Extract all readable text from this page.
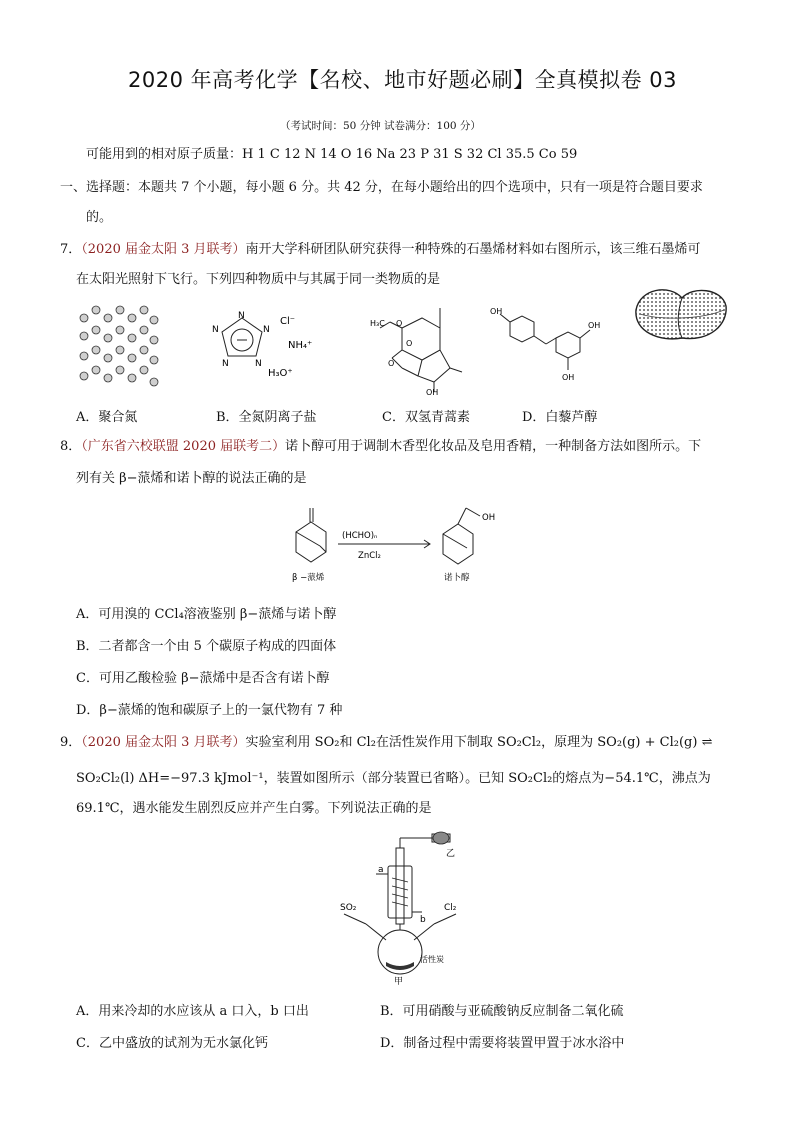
2020 年高考化学【名校、地市好题必刷】全真模拟卷 03
（考试时间：50 分钟 试卷满分：100 分）
可能用到的相对原子质量：H 1 C 12 N 14 O 16 Na 23 P 31 S 32 Cl 35.5 Co 59
一、选择题：本题共 7 个小题，每小题 6 分。共 42 分，在每小题给出的四个选项中，只有一项是符合题目要求
的。
7．（2020 届金太阳 3 月联考）南开大学科研团队研究获得一种特殊的石墨烯材料如右图所示，该三维石墨烯可
在太阳光照射下飞行。下列四种物质中与其属于同一类物质的是
N
N
N
N
N
Cl⁻
NH₄⁺
H₃O⁺
H₃C O
O
O
OH
OH
OH
OH
A．聚合氮	B．全氮阴离子盐	C．双氢青蒿素	D．白藜芦醇
8．（广东省六校联盟 2020 届联考二）诺卜醇可用于调制木香型化妆品及皂用香精，一种制备方法如图所示。下
列有关 β−蒎烯和诺卜醇的说法正确的是
(HCHO)ₙ
ZnCl₂
OH
β −蒎烯	诺卜醇
A．可用溴的 CCl₄溶液鉴别 β−蒎烯与诺卜醇
B．二者都含一个由 5 个碳原子构成的四面体
C．可用乙酸检验 β−蒎烯中是否含有诺卜醇
D．β−蒎烯的饱和碳原子上的一氯代物有 7 种
9．（2020 届金太阳 3 月联考）实验室利用 SO₂和 Cl₂在活性炭作用下制取 SO₂Cl₂，原理为 SO₂(g) + Cl₂(g) ⇌
SO₂Cl₂(l) ΔH=−97.3 kJmol⁻¹，装置如图所示（部分装置已省略）。已知 SO₂Cl₂的熔点为−54.1℃，沸点为
69.1℃，遇水能发生剧烈反应并产生白雾。下列说法正确的是
乙
a
b
SO₂	Cl₂
活性炭
甲
A．用来冷却的水应该从 a 口入，b 口出	B．可用硝酸与亚硫酸钠反应制备二氧化硫
C．乙中盛放的试剂为无水氯化钙	D．制备过程中需要将装置甲置于冰水浴中
